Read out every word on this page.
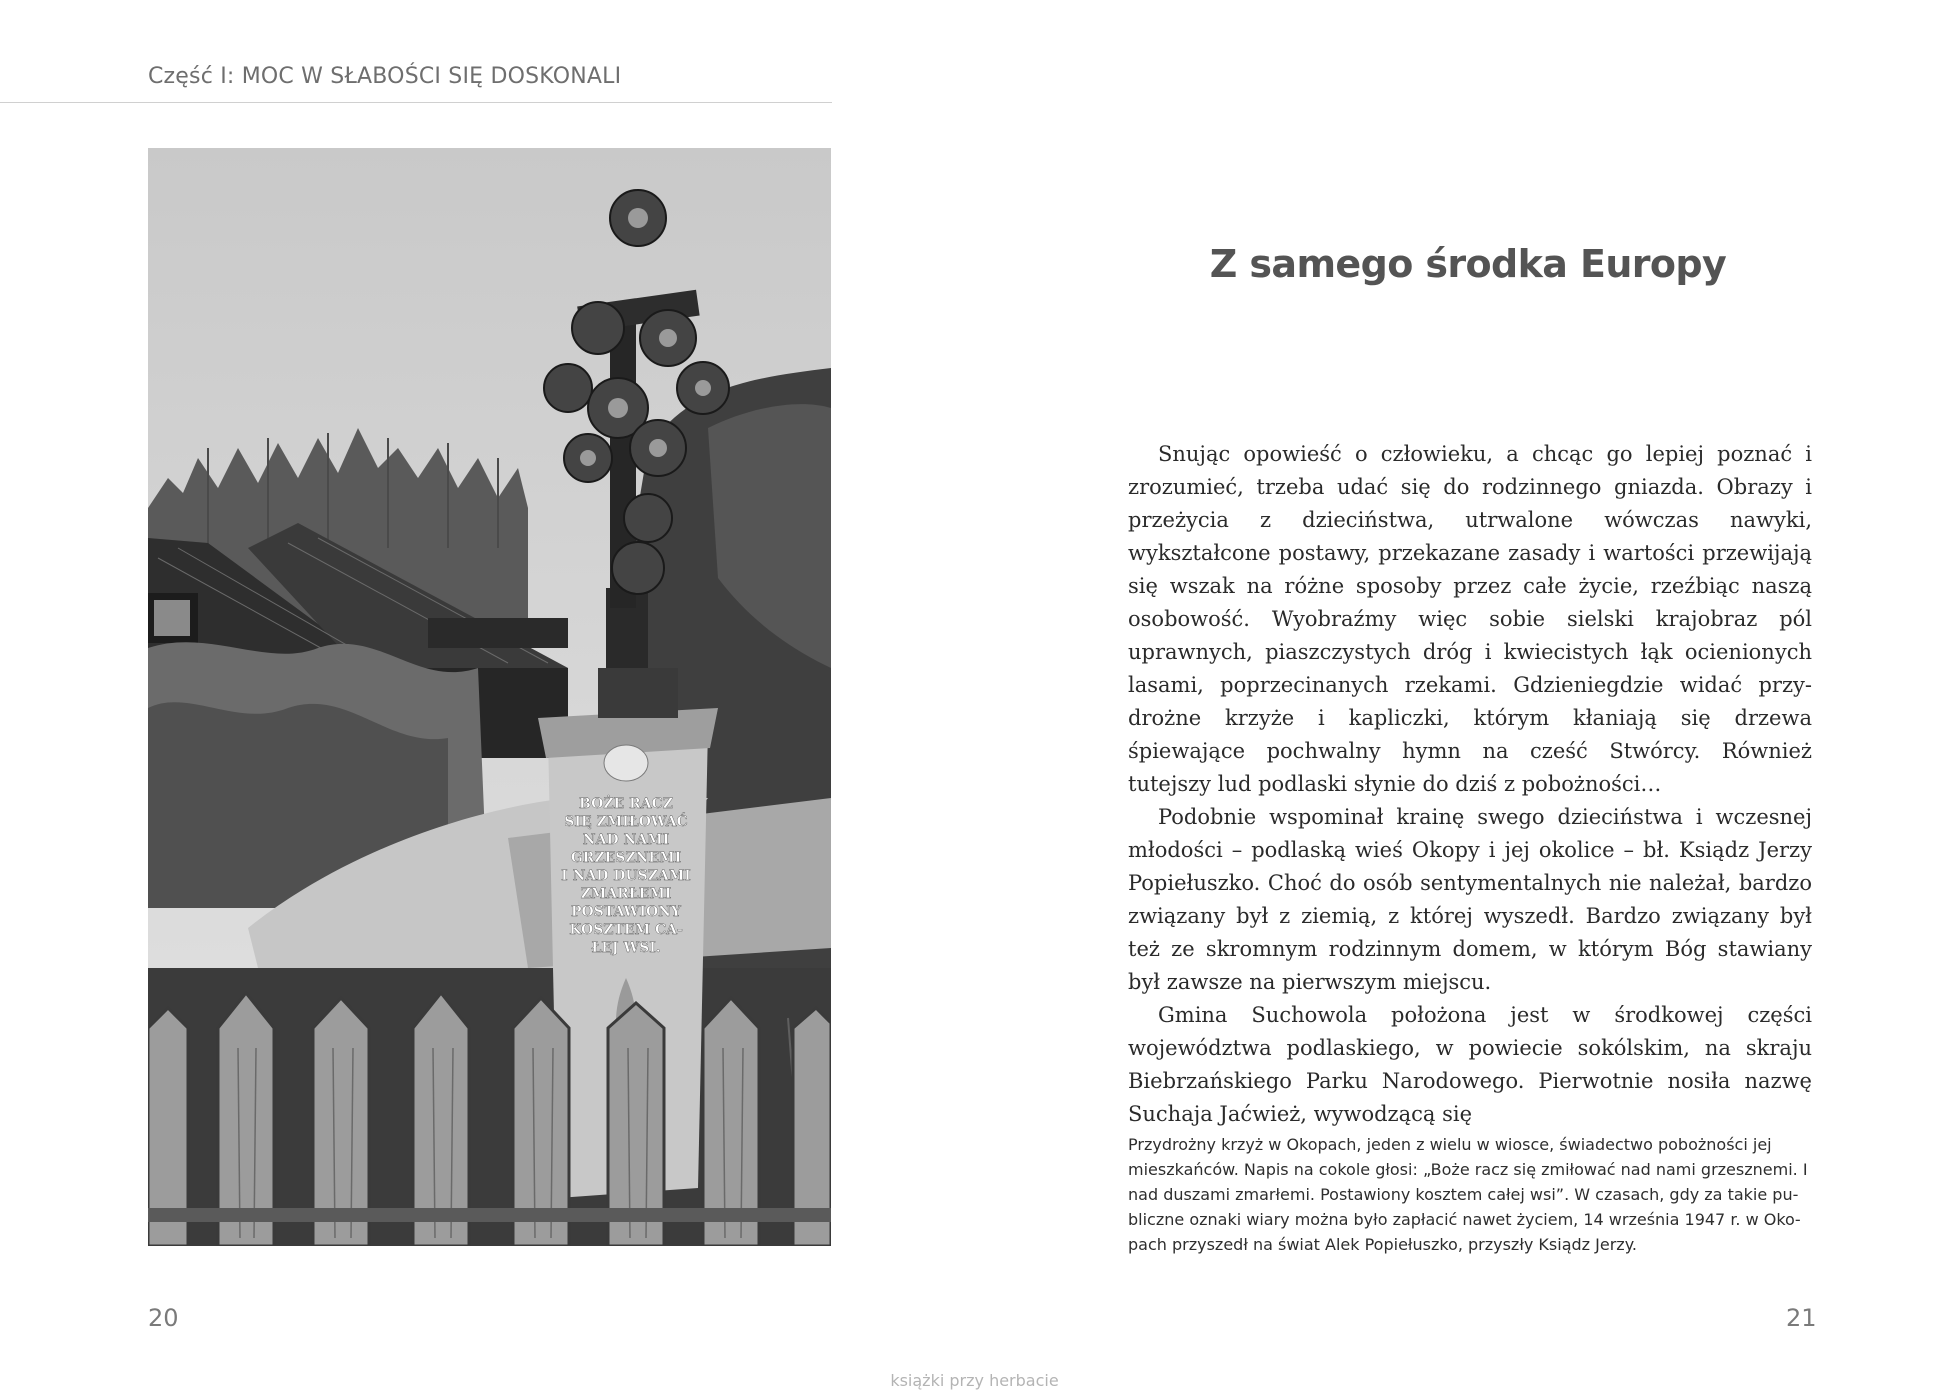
Część I: MOC W SŁABOŚCI SIĘ DOSKONALI
BOŻE RACZ
SIĘ ZMIŁOWAĆ
NAD NAMI
GRZESZNEMI
I NAD DUSZAMI
ZMARŁEMI
POSTAWIONY
KOSZTEM CA-
ŁEJ WSI.
20
Z samego środka Europy

Snując opowieść o człowieku, a chcąc go lepiej poznać i zrozumieć, trzeba udać się do rodzinnego gniazda. Obrazy i przeżycia z dzieciństwa, utrwalone wówczas nawyki, wykształcone postawy, przekazane zasady i wartości przewijają się wszak na różne sposoby przez całe życie, rzeźbiąc naszą osobowość. Wyobraźmy więc sobie sielski krajobraz pól uprawnych, piaszczystych dróg i kwiecistych łąk ocienionych lasami, poprzecinanych rzekami. Gdzieniegdzie widać przydrożne krzyże i kapliczki, którym kłaniają się drzewa śpiewające pochwalny hymn na cześć Stwórcy. Również tutejszy lud podlaski słynie do dziś z pobożności…

Podobnie wspominał krainę swego dzieciństwa i wczesnej młodości – podlaską wieś Okopy i jej okolice – bł. Ksiądz Jerzy Popiełuszko. Choć do osób sentymentalnych nie należał, bardzo związany był z ziemią, z której wyszedł. Bardzo związany był też ze skromnym rodzinnym domem, w którym Bóg stawiany był zawsze na pierwszym miejscu.

Gmina Suchowola położona jest w środkowej części województwa podlaskiego, w powiecie sokólskim, na skraju Biebrzańskiego Parku Narodowego. Pierwotnie nosiła nazwę Suchaja Jaćwież, wywodzącą się

Przydrożny krzyż w Okopach, jeden z wielu w wiosce, świadectwo pobożności jej mieszkańców. Napis na cokole głosi: „Boże racz się zmiłować nad nami grzesznemi. I nad duszami zmarłemi. Postawiony kosztem całej wsi”. W czasach, gdy za takie publiczne oznaki wiary można było zapłacić nawet życiem, 14 września 1947 r. w Okopach przyszedł na świat Alek Popiełuszko, przyszły Ksiądz Jerzy.
21
książki przy herbacie
